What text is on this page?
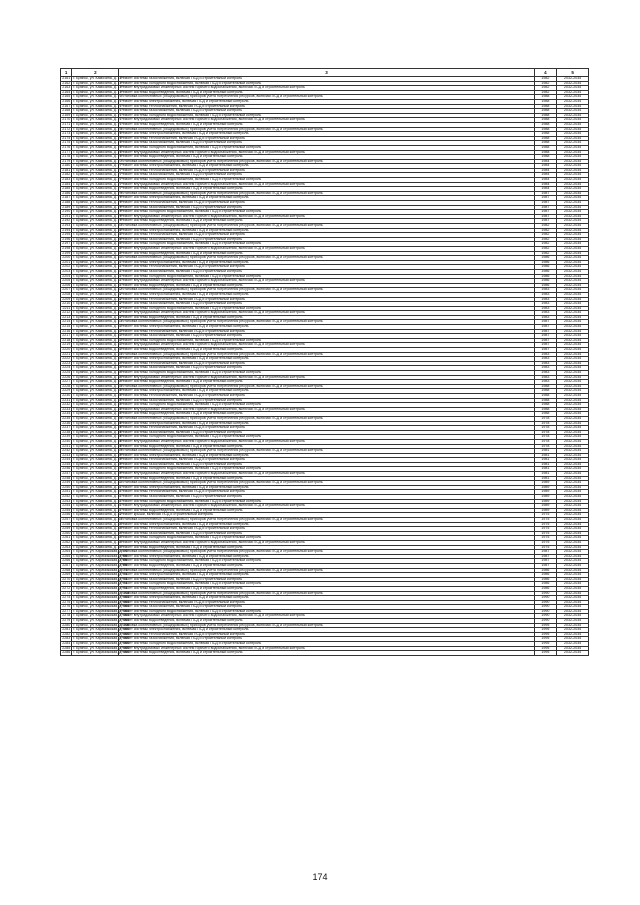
1	2	3	4	5
2161	г. Брянск, ул. Камозина, д. 10	Ремонт системы газоснабжения, включая ПСД и строительный контроль	1982	2032-2034
2162	г. Брянск, ул. Камозина, д. 10	Ремонт системы холодного водоснабжения, включая ПСД и строительный контроль	1982	2032-2034
2163	г. Брянск, ул. Камозина, д. 10	Ремонт внутридомовых инженерных систем горячего водоснабжения, включая ПСД и строительный контроль	1982	2032-2034
2164	г. Брянск, ул. Камозина, д. 10	Ремонт системы водоотведения, включая ПСД и строительный контроль	1982	2032-2034
2165	г. Брянск, ул. Камозина, д. 21	Установка коллективных (общедомовых) приборов учета потребления ресурсов, включая ПСД и строительный контроль	1988	2032-2034
2166	г. Брянск, ул. Камозина, д. 21	Ремонт системы электроснабжения, включая ПСД и строительный контроль	1988	2032-2034
2167	г. Брянск, ул. Камозина, д. 21	Ремонт системы теплоснабжения, включая ПСД и строительный контроль	1988	2032-2034
2168	г. Брянск, ул. Камозина, д. 21	Ремонт системы газоснабжения, включая ПСД и строительный контроль	1988	2032-2034
2169	г. Брянск, ул. Камозина, д. 21	Ремонт системы холодного водоснабжения, включая ПСД и строительный контроль	1988	2032-2034
2170	г. Брянск, ул. Камозина, д. 21	Ремонт внутридомовых инженерных систем горячего водоснабжения, включая ПСД и строительный контроль	1988	2032-2034
2171	г. Брянск, ул. Камозина, д. 21	Ремонт системы водоотведения, включая ПСД и строительный контроль	1988	2032-2034
2172	г. Брянск, ул. Камозина, д. 25	Установка коллективных (общедомовых) приборов учета потребления ресурсов, включая ПСД и строительный контроль	1988	2032-2034
2173	г. Брянск, ул. Камозина, д. 25	Ремонт системы электроснабжения, включая ПСД и строительный контроль	1988	2032-2034
2174	г. Брянск, ул. Камозина, д. 25	Ремонт системы теплоснабжения, включая ПСД и строительный контроль	1988	2032-2034
2175	г. Брянск, ул. Камозина, д. 25	Ремонт системы газоснабжения, включая ПСД и строительный контроль	1988	2032-2034
2176	г. Брянск, ул. Камозина, д. 25	Ремонт системы холодного водоснабжения, включая ПСД и строительный контроль	1988	2032-2034
2177	г. Брянск, ул. Камозина, д. 25	Ремонт внутридомовых инженерных систем горячего водоснабжения, включая ПСД и строительный контроль	1988	2032-2034
2178	г. Брянск, ул. Камозина, д. 25	Ремонт системы водоотведения, включая ПСД и строительный контроль	1988	2032-2034
2179	г. Брянск, ул. Камозина, д. 27	Установка коллективных (общедомовых) приборов учета потребления ресурсов, включая ПСД и строительный контроль	1984	2032-2034
2180	г. Брянск, ул. Камозина, д. 27	Ремонт системы электроснабжения, включая ПСД и строительный контроль	1984	2032-2034
2181	г. Брянск, ул. Камозина, д. 27	Ремонт системы теплоснабжения, включая ПСД и строительный контроль	1984	2032-2034
2182	г. Брянск, ул. Камозина, д. 27	Ремонт системы газоснабжения, включая ПСД и строительный контроль	1984	2032-2034
2183	г. Брянск, ул. Камозина, д. 27	Ремонт системы холодного водоснабжения, включая ПСД и строительный контроль	1984	2032-2034
2184	г. Брянск, ул. Камозина, д. 27	Ремонт внутридомовых инженерных систем горячего водоснабжения, включая ПСД и строительный контроль	1984	2032-2034
2185	г. Брянск, ул. Камозина, д. 27	Ремонт системы водоотведения, включая ПСД и строительный контроль	1984	2032-2034
2186	г. Брянск, ул. Камозина, д. 29	Установка коллективных (общедомовых) приборов учета потребления ресурсов, включая ПСД и строительный контроль	1987	2032-2034
2187	г. Брянск, ул. Камозина, д. 29	Ремонт системы электроснабжения, включая ПСД и строительный контроль	1987	2032-2034
2188	г. Брянск, ул. Камозина, д. 29	Ремонт системы теплоснабжения, включая ПСД и строительный контроль	1987	2032-2034
2189	г. Брянск, ул. Камозина, д. 29	Ремонт системы газоснабжения, включая ПСД и строительный контроль	1987	2032-2034
2190	г. Брянск, ул. Камозина, д. 29	Ремонт системы холодного водоснабжения, включая ПСД и строительный контроль	1987	2032-2034
2191	г. Брянск, ул. Камозина, д. 29	Ремонт внутридомовых инженерных систем горячего водоснабжения, включая ПСД и строительный контроль	1987	2032-2034
2192	г. Брянск, ул. Камозина, д. 29	Ремонт системы водоотведения, включая ПСД и строительный контроль	1987	2032-2034
2193	г. Брянск, ул. Камозина, д. 30	Установка коллективных (общедомовых) приборов учета потребления ресурсов, включая ПСД и строительный контроль	1982	2032-2034
2194	г. Брянск, ул. Камозина, д. 30	Ремонт системы электроснабжения, включая ПСД и строительный контроль	1982	2032-2034
2195	г. Брянск, ул. Камозина, д. 30	Ремонт системы теплоснабжения, включая ПСД и строительный контроль	1982	2032-2034
2196	г. Брянск, ул. Камозина, д. 30	Ремонт системы газоснабжения, включая ПСД и строительный контроль	1982	2032-2034
2197	г. Брянск, ул. Камозина, д. 30	Ремонт системы холодного водоснабжения, включая ПСД и строительный контроль	1982	2032-2034
2198	г. Брянск, ул. Камозина, д. 30	Ремонт внутридомовых инженерных систем горячего водоснабжения, включая ПСД и строительный контроль	1982	2032-2034
2199	г. Брянск, ул. Камозина, д. 30	Ремонт системы водоотведения, включая ПСД и строительный контроль	1982	2032-2034
2200	г. Брянск, ул. Камозина, д. 31	Установка коллективных (общедомовых) приборов учета потребления ресурсов, включая ПСД и строительный контроль	1986	2032-2034
2201	г. Брянск, ул. Камозина, д. 31	Ремонт системы электроснабжения, включая ПСД и строительный контроль	1986	2032-2034
2202	г. Брянск, ул. Камозина, д. 31	Ремонт системы теплоснабжения, включая ПСД и строительный контроль	1986	2032-2034
2203	г. Брянск, ул. Камозина, д. 31	Ремонт системы газоснабжения, включая ПСД и строительный контроль	1986	2032-2034
2204	г. Брянск, ул. Камозина, д. 31	Ремонт системы холодного водоснабжения, включая ПСД и строительный контроль	1986	2032-2034
2205	г. Брянск, ул. Камозина, д. 31	Ремонт внутридомовых инженерных систем горячего водоснабжения, включая ПСД и строительный контроль	1986	2032-2034
2206	г. Брянск, ул. Камозина, д. 31	Ремонт системы водоотведения, включая ПСД и строительный контроль	1986	2032-2034
2207	г. Брянск, ул. Камозина, д. 32	Установка коллективных (общедомовых) приборов учета потребления ресурсов, включая ПСД и строительный контроль	1983	2032-2034
2208	г. Брянск, ул. Камозина, д. 32	Ремонт системы электроснабжения, включая ПСД и строительный контроль	1983	2032-2034
2209	г. Брянск, ул. Камозина, д. 32	Ремонт системы теплоснабжения, включая ПСД и строительный контроль	1983	2032-2034
2210	г. Брянск, ул. Камозина, д. 32	Ремонт системы газоснабжения, включая ПСД и строительный контроль	1983	2032-2034
2211	г. Брянск, ул. Камозина, д. 32	Ремонт системы холодного водоснабжения, включая ПСД и строительный контроль	1983	2032-2034
2212	г. Брянск, ул. Камозина, д. 32	Ремонт внутридомовых инженерных систем горячего водоснабжения, включая ПСД и строительный контроль	1983	2032-2034
2213	г. Брянск, ул. Камозина, д. 32	Ремонт системы водоотведения, включая ПСД и строительный контроль	1983	2032-2034
2214	г. Брянск, ул. Камозина, д. 33	Установка коллективных (общедомовых) приборов учета потребления ресурсов, включая ПСД и строительный контроль	1987	2032-2034
2215	г. Брянск, ул. Камозина, д. 33	Ремонт системы электроснабжения, включая ПСД и строительный контроль	1987	2032-2034
2216	г. Брянск, ул. Камозина, д. 33	Ремонт системы теплоснабжения, включая ПСД и строительный контроль	1987	2032-2034
2217	г. Брянск, ул. Камозина, д. 33	Ремонт системы газоснабжения, включая ПСД и строительный контроль	1987	2032-2034
2218	г. Брянск, ул. Камозина, д. 33	Ремонт системы холодного водоснабжения, включая ПСД и строительный контроль	1987	2032-2034
2219	г. Брянск, ул. Камозина, д. 33	Ремонт внутридомовых инженерных систем горячего водоснабжения, включая ПСД и строительный контроль	1987	2032-2034
2220	г. Брянск, ул. Камозина, д. 33	Ремонт системы водоотведения, включая ПСД и строительный контроль	1987	2032-2034
2221	г. Брянск, ул. Камозина, д. 34	Установка коллективных (общедомовых) приборов учета потребления ресурсов, включая ПСД и строительный контроль	1983	2032-2034
2222	г. Брянск, ул. Камозина, д. 34	Ремонт системы электроснабжения, включая ПСД и строительный контроль	1983	2032-2034
2223	г. Брянск, ул. Камозина, д. 34	Ремонт системы теплоснабжения, включая ПСД и строительный контроль	1983	2032-2034
2224	г. Брянск, ул. Камозина, д. 34	Ремонт системы газоснабжения, включая ПСД и строительный контроль	1983	2032-2034
2225	г. Брянск, ул. Камозина, д. 34	Ремонт системы холодного водоснабжения, включая ПСД и строительный контроль	1983	2032-2034
2226	г. Брянск, ул. Камозина, д. 34	Ремонт внутридомовых инженерных систем горячего водоснабжения, включая ПСД и строительный контроль	1983	2032-2034
2227	г. Брянск, ул. Камозина, д. 34	Ремонт системы водоотведения, включая ПСД и строительный контроль	1983	2032-2034
2228	г. Брянск, ул. Камозина, д. 35	Установка коллективных (общедомовых) приборов учета потребления ресурсов, включая ПСД и строительный контроль	1988	2032-2034
2229	г. Брянск, ул. Камозина, д. 35	Ремонт системы электроснабжения, включая ПСД и строительный контроль	1988	2032-2034
2230	г. Брянск, ул. Камозина, д. 35	Ремонт системы теплоснабжения, включая ПСД и строительный контроль	1988	2032-2034
2231	г. Брянск, ул. Камозина, д. 35	Ремонт системы газоснабжения, включая ПСД и строительный контроль	1988	2032-2034
2232	г. Брянск, ул. Камозина, д. 35	Ремонт системы холодного водоснабжения, включая ПСД и строительный контроль	1988	2032-2034
2233	г. Брянск, ул. Камозина, д. 35	Ремонт внутридомовых инженерных систем горячего водоснабжения, включая ПСД и строительный контроль	1988	2032-2034
2234	г. Брянск, ул. Камозина, д. 35	Ремонт системы водоотведения, включая ПСД и строительный контроль	1988	2032-2034
2235	г. Брянск, ул. Камозина, д. 36	Установка коллективных (общедомовых) приборов учета потребления ресурсов, включая ПСД и строительный контроль	1978	2032-2034
2236	г. Брянск, ул. Камозина, д. 36	Ремонт системы электроснабжения, включая ПСД и строительный контроль	1978	2032-2034
2237	г. Брянск, ул. Камозина, д. 36	Ремонт системы теплоснабжения, включая ПСД и строительный контроль	1978	2032-2034
2238	г. Брянск, ул. Камозина, д. 36	Ремонт системы газоснабжения, включая ПСД и строительный контроль	1978	2032-2034
2239	г. Брянск, ул. Камозина, д. 36	Ремонт системы холодного водоснабжения, включая ПСД и строительный контроль	1978	2032-2034
2240	г. Брянск, ул. Камозина, д. 36	Ремонт внутридомовых инженерных систем горячего водоснабжения, включая ПСД и строительный контроль	1978	2032-2034
2241	г. Брянск, ул. Камозина, д. 36	Ремонт системы водоотведения, включая ПСД и строительный контроль	1978	2032-2034
2242	г. Брянск, ул. Камозина, д. 39	Установка коллективных (общедомовых) приборов учета потребления ресурсов, включая ПСД и строительный контроль	1981	2032-2034
2243	г. Брянск, ул. Камозина, д. 39	Ремонт системы электроснабжения, включая ПСД и строительный контроль	1981	2032-2034
2244	г. Брянск, ул. Камозина, д. 39	Ремонт системы теплоснабжения, включая ПСД и строительный контроль	1981	2032-2034
2245	г. Брянск, ул. Камозина, д. 39	Ремонт системы газоснабжения, включая ПСД и строительный контроль	1981	2032-2034
2246	г. Брянск, ул. Камозина, д. 39	Ремонт системы холодного водоснабжения, включая ПСД и строительный контроль	1981	2032-2034
2247	г. Брянск, ул. Камозина, д. 39	Ремонт внутридомовых инженерных систем горячего водоснабжения, включая ПСД и строительный контроль	1981	2032-2034
2248	г. Брянск, ул. Камозина, д. 39	Ремонт системы водоотведения, включая ПСД и строительный контроль	1981	2032-2034
2249	г. Брянск, ул. Камозина, д. 41	Установка коллективных (общедомовых) приборов учета потребления ресурсов, включая ПСД и строительный контроль	1989	2032-2034
2250	г. Брянск, ул. Камозина, д. 41	Ремонт системы электроснабжения, включая ПСД и строительный контроль	1989	2032-2034
2251	г. Брянск, ул. Камозина, д. 41	Ремонт системы теплоснабжения, включая ПСД и строительный контроль	1989	2032-2034
2252	г. Брянск, ул. Камозина, д. 41	Ремонт системы газоснабжения, включая ПСД и строительный контроль	1989	2032-2034
2253	г. Брянск, ул. Камозина, д. 41	Ремонт системы холодного водоснабжения, включая ПСД и строительный контроль	1989	2032-2034
2254	г. Брянск, ул. Камозина, д. 41	Ремонт внутридомовых инженерных систем горячего водоснабжения, включая ПСД и строительный контроль	1989	2032-2034
2255	г. Брянск, ул. Камозина, д. 41	Ремонт системы водоотведения, включая ПСД и строительный контроль	1989	2032-2034
2256	г. Брянск, ул. Камозина, д. 42	Ремонт крыши, включая ПСД и строительный контроль	1975	2032-2034
2257	г. Брянск, ул. Камозина, д. 44	Установка коллективных (общедомовых) приборов учета потребления ресурсов, включая ПСД и строительный контроль	1975	2032-2034
2258	г. Брянск, ул. Камозина, д. 44	Ремонт системы электроснабжения, включая ПСД и строительный контроль	1975	2032-2034
2259	г. Брянск, ул. Камозина, д. 44	Ремонт системы теплоснабжения, включая ПСД и строительный контроль	1975	2032-2034
2260	г. Брянск, ул. Камозина, д. 44	Ремонт системы газоснабжения, включая ПСД и строительный контроль	1975	2032-2034
2261	г. Брянск, ул. Камозина, д. 44	Ремонт системы холодного водоснабжения, включая ПСД и строительный контроль	1975	2032-2034
2262	г. Брянск, ул. Камозина, д. 44	Ремонт внутридомовых инженерных систем горячего водоснабжения, включая ПСД и строительный контроль	1975	2032-2034
2263	г. Брянск, ул. Камозина, д. 44	Ремонт системы водоотведения, включая ПСД и строительный контроль	1975	2032-2034
2264	г. Брянск, ул. Карачижская, д. 69	Установка коллективных (общедомовых) приборов учета потребления ресурсов, включая ПСД и строительный контроль	1987	2032-2034
2265	г. Брянск, ул. Карачижская, д. 69	Ремонт системы электроснабжения, включая ПСД и строительный контроль	1987	2032-2034
2266	г. Брянск, ул. Карачижская, д. 69	Ремонт системы холодного водоснабжения, включая ПСД и строительный контроль	1987	2032-2034
2267	г. Брянск, ул. Карачижская, д. 69	Ремонт системы водоотведения, включая ПСД и строительный контроль	1987	2032-2034
2268	г. Брянск, ул. Карачижская, д. 71	Установка коллективных (общедомовых) приборов учета потребления ресурсов, включая ПСД и строительный контроль	1986	2032-2034
2269	г. Брянск, ул. Карачижская, д. 71	Ремонт системы электроснабжения, включая ПСД и строительный контроль	1986	2032-2034
2270	г. Брянск, ул. Карачижская, д. 71	Ремонт системы газоснабжения, включая ПСД и строительный контроль	1986	2032-2034
2271	г. Брянск, ул. Карачижская, д. 71	Ремонт системы холодного водоснабжения, включая ПСД и строительный контроль	1986	2032-2034
2272	г. Брянск, ул. Карачижская, д. 71	Ремонт системы водоотведения, включая ПСД и строительный контроль	1986	2032-2034
2273	г. Брянск, ул. Карачижская, д. 104	Установка коллективных (общедомовых) приборов учета потребления ресурсов, включая ПСД и строительный контроль	1990	2032-2034
2274	г. Брянск, ул. Карачижская, д. 104	Ремонт системы электроснабжения, включая ПСД и строительный контроль	1990	2032-2034
2275	г. Брянск, ул. Карачижская, д. 104	Ремонт системы теплоснабжения, включая ПСД и строительный контроль	1990	2032-2034
2276	г. Брянск, ул. Карачижская, д. 104	Ремонт системы газоснабжения, включая ПСД и строительный контроль	1990	2032-2034
2277	г. Брянск, ул. Карачижская, д. 104	Ремонт системы холодного водоснабжения, включая ПСД и строительный контроль	1990	2032-2034
2278	г. Брянск, ул. Карачижская, д. 104	Ремонт внутридомовых инженерных систем горячего водоснабжения, включая ПСД и строительный контроль	1990	2032-2034
2279	г. Брянск, ул. Карачижская, д. 104	Ремонт системы водоотведения, включая ПСД и строительный контроль	1990	2032-2034
2280	г. Брянск, ул. Карачижская, д. 106	Установка коллективных (общедомовых) приборов учета потребления ресурсов, включая ПСД и строительный контроль	1995	2032-2034
2281	г. Брянск, ул. Карачижская, д. 106	Ремонт системы электроснабжения, включая ПСД и строительный контроль	1995	2032-2034
2282	г. Брянск, ул. Карачижская, д. 106	Ремонт системы теплоснабжения, включая ПСД и строительный контроль	1995	2032-2034
2283	г. Брянск, ул. Карачижская, д. 106	Ремонт системы газоснабжения, включая ПСД и строительный контроль	1995	2032-2034
2284	г. Брянск, ул. Карачижская, д. 106	Ремонт системы холодного водоснабжения, включая ПСД и строительный контроль	1995	2032-2034
2285	г. Брянск, ул. Карачижская, д. 106	Ремонт внутридомовых инженерных систем горячего водоснабжения, включая ПСД и строительный контроль	1995	2032-2034
2286	г. Брянск, ул. Карачижская, д. 106	Ремонт системы водоотведения, включая ПСД и строительный контроль	1995	2032-2034
174
